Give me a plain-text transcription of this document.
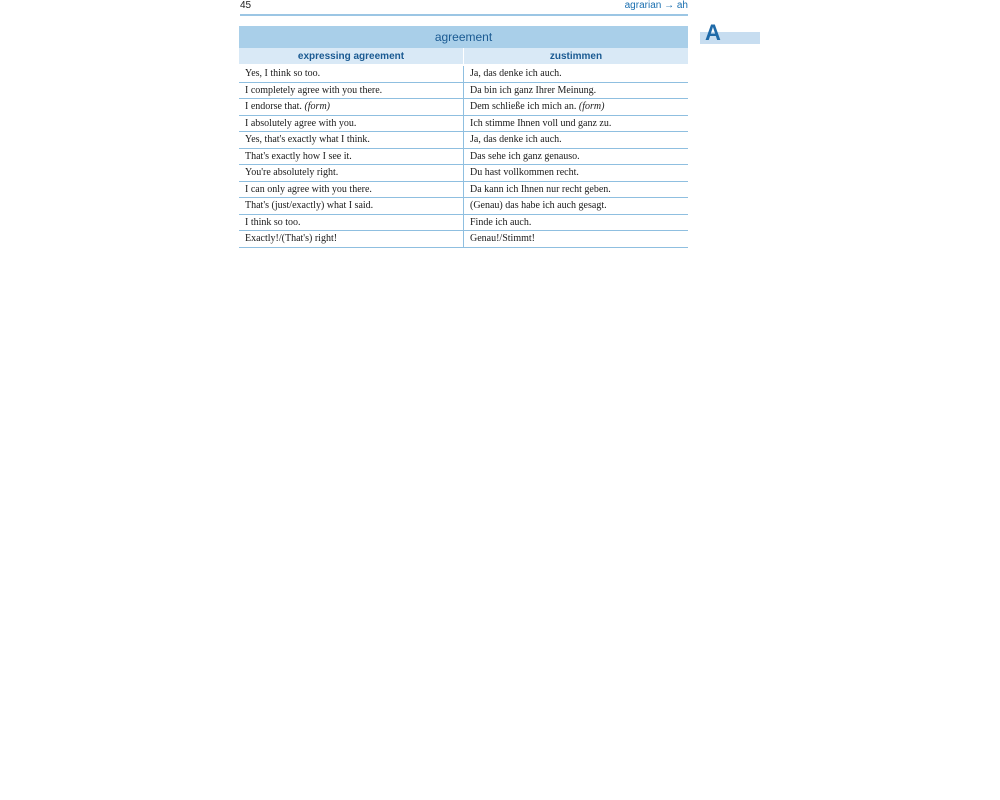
45	agrarian → ah
A
agreement
expressing agreement	zustimmen
Yes, I think so too.	Ja, das denke ich auch.
I completely agree with you there.	Da bin ich ganz Ihrer Meinung.
I endorse that. (form)	Dem schließe ich mich an. (form)
I absolutely agree with you.	Ich stimme Ihnen voll und ganz zu.
Yes, that's exactly what I think.	Ja, das denke ich auch.
That's exactly how I see it.	Das sehe ich ganz genauso.
You're absolutely right.	Du hast vollkommen recht.
I can only agree with you there.	Da kann ich Ihnen nur recht geben.
That's (just/exactly) what I said.	(Genau) das habe ich auch gesagt.
I think so too.	Finde ich auch.
Exactly!/(That's) right!	Genau!/Stimmt!
